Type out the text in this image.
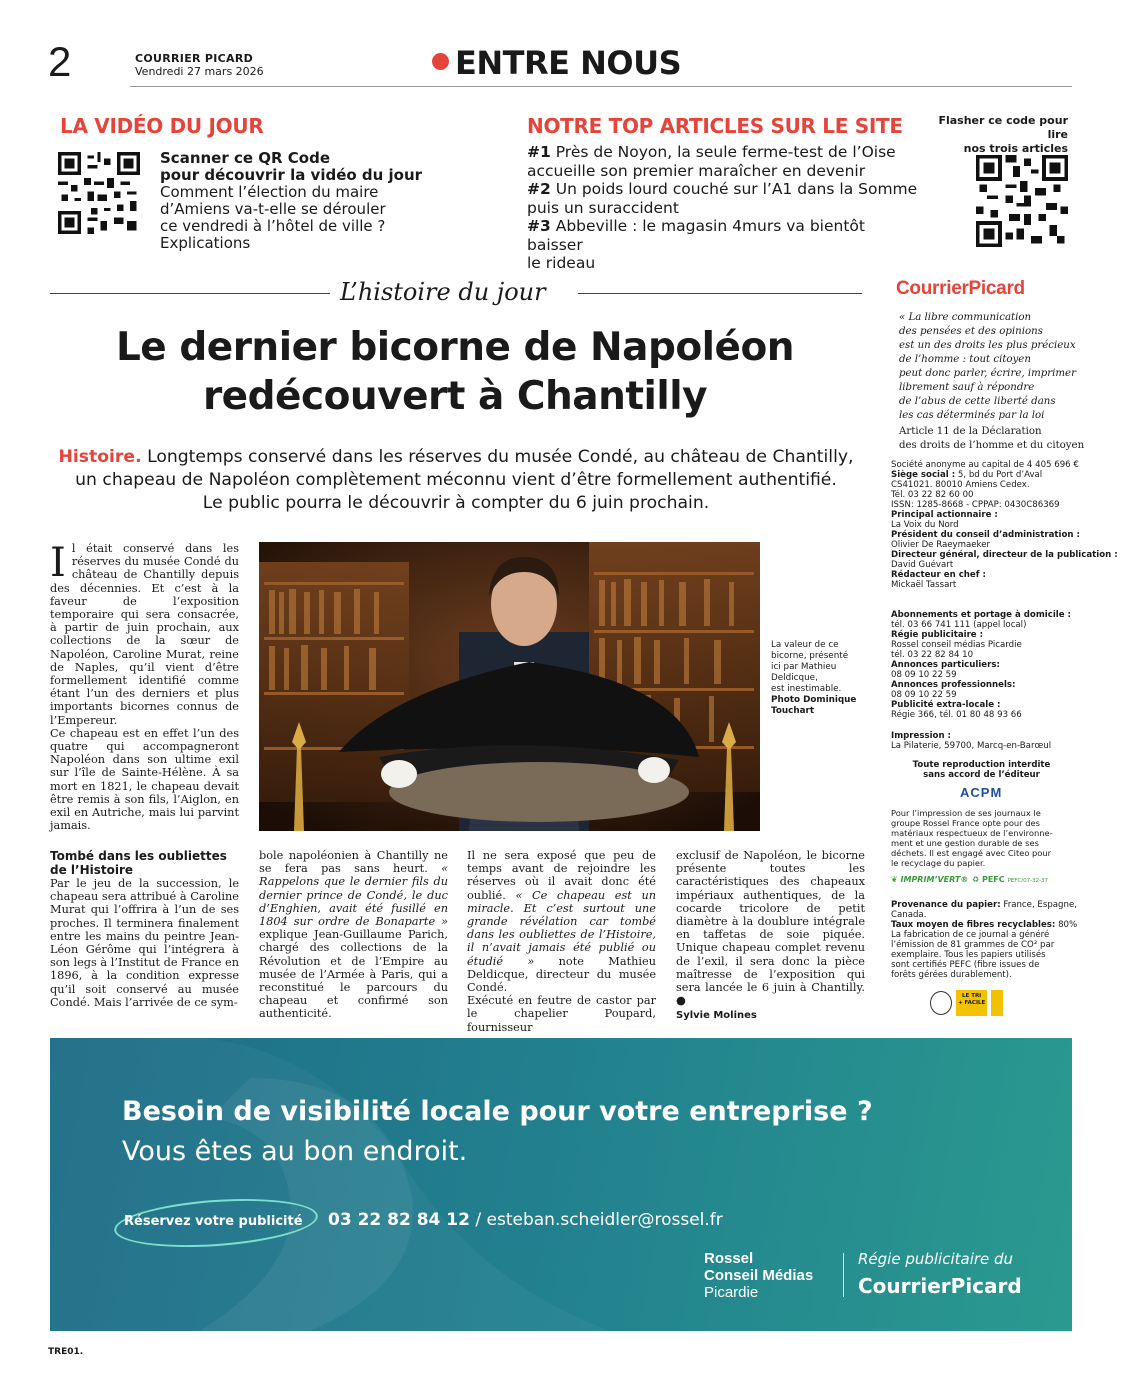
2	COURRIER PICARD
Vendredi 27 mars 2026	ENTRE NOUS
LA VIDÉO DU JOUR
Scanner ce QR Code
pour découvrir la vidéo du jour
Comment l’élection du maire
d’Amiens va-t-elle se dérouler
ce vendredi à l’hôtel de ville ?
Explications
NOTRE TOP ARTICLES SUR LE SITE
#1 Près de Noyon, la seule ferme-test de l’Oise
accueille son premier maraîcher en devenir
#2 Un poids lourd couché sur l’A1 dans la Somme
puis un suraccident
#3 Abbeville : le magasin 4murs va bientôt baisser
le rideau
Flasher ce code pour lire
nos trois articles
L’histoire du jour
Le dernier bicorne de Napoléon
redécouvert à Chantilly
Histoire. Longtemps conservé dans les réserves du musée Condé, au château de Chantilly,
un chapeau de Napoléon complètement méconnu vient d’être formellement authentifié.
Le public pourra le découvrir à compter du 6 juin prochain.
I l était conservé dans les réserves du musée Condé du château de Chantilly depuis des décennies. Et c’est à la faveur de l’exposition temporaire qui sera consacrée, à partir de juin prochain, aux collections de la sœur de Napoléon, Caroline Murat, reine de Naples, qu’il vient d’être formellement identifié comme étant l’un des derniers et plus importants bicornes connus de l’Empereur.

Ce chapeau est en effet l’un des quatre qui accompagneront Napoléon dans son ultime exil sur l’île de Sainte-Hélène. À sa mort en 1821, le chapeau devait être remis à son fils, l’Aiglon, en exil en Autriche, mais lui parvint jamais.

La valeur de ce
bicorne, présenté
ici par Mathieu
Deldicque,
est inestimable.
Photo Dominique
Touchart
Tombé dans les oubliettes
de l’Histoire

Par le jeu de la succession, le chapeau sera attribué à Caroline Murat qui l’offrira à l’un de ses proches. Il terminera finalement entre les mains du peintre Jean-Léon Gérôme qui l’intégrera à son legs à l’Institut de France en 1896, à la condition expresse qu’il soit conservé au musée Condé. Mais l’arrivée de ce sym-

bole napoléonien à Chantilly ne se fera pas sans heurt. « Rappelons que le dernier fils du dernier prince de Condé, le duc d’Enghien, avait été fusillé en 1804 sur ordre de Bonaparte » explique Jean-Guillaume Parich, chargé des collections de la Révolution et de l’Empire au musée de l’Armée à Paris, qui a reconstitué le parcours du chapeau et confirmé son authenticité.

Il ne sera exposé que peu de temps avant de rejoindre les réserves où il avait donc été oublié. « Ce chapeau est un miracle. Et c’est surtout une grande révélation car tombé dans les oubliettes de l’Histoire, il n’avait jamais été publié ou étudié » note Mathieu Deldicque, directeur du musée Condé.

Exécuté en feutre de castor par le chapelier Poupard, fournisseur

exclusif de Napoléon, le bicorne présente toutes les caractéristiques des chapeaux impériaux authentiques, de la cocarde tricolore de petit diamètre à la doublure intégrale en taffetas de soie piquée. Unique chapeau complet revenu de l’exil, il sera donc la pièce maîtresse de l’exposition qui sera lancée le 6 juin à Chantilly. ●

Sylvie Molines
CourrierPicard
« La libre communication
des pensées et des opinions
est un des droits les plus précieux
de l’homme : tout citoyen
peut donc parler, écrire, imprimer
librement sauf à répondre
de l’abus de cette liberté dans
les cas déterminés par la loi
Article 11 de la Déclaration
des droits de l’homme et du citoyen
Société anonyme au capital de 4 405 696 €
Siège social : 5, bd du Port d’Aval
CS41021. 80010 Amiens Cedex.
Tél. 03 22 82 60 00
ISSN: 1285-8668 - CPPAP: 0430C86369
Principal actionnaire :
La Voix du Nord
Président du conseil d’administration :
Olivier De Raeymaeker
Directeur général, directeur de la publication :
David Guévart
Rédacteur en chef :
Mickaël Tassart
Abonnements et portage à domicile :
tél. 03 66 741 111 (appel local)
Régie publicitaire :
Rossel conseil médias Picardie
tél. 03 22 82 84 10
Annonces particuliers:
08 09 10 22 59
Annonces professionnels:
08 09 10 22 59
Publicité extra-locale :
Régie 366, tél. 01 80 48 93 66
Impression :
La Pilaterie, 59700, Marcq-en-Barœul
Toute reproduction interdite
sans accord de l’éditeur
ACPM
Pour l’impression de ses journaux le
groupe Rossel France opte pour des
matériaux respectueux de l’environne-
ment et une gestion durable de ses
déchets. Il est engagé avec Citeo pour
le recyclage du papier.
❦ IMPRIM’VERT® ♻ PEFC PEFC/07-32-37
Provenance du papier: France, Espagne,
Canada.
Taux moyen de fibres recyclables: 80%
La fabrication de ce journal a généré
l’émission de 81 grammes de CO² par
exemplaire. Tous les papiers utilisés
sont certifiés PEFC (fibre issues de
forêts gérées durablement).
LE TRI
+ FACILE
Besoin de visibilité locale pour votre entreprise ?
Vous êtes au bon endroit.
Réservez votre publicité 03 22 82 84 12 / esteban.scheidler@rossel.fr
Rossel
Conseil Médias
Picardie
Régie publicitaire du
CourrierPicard
TRE01.
